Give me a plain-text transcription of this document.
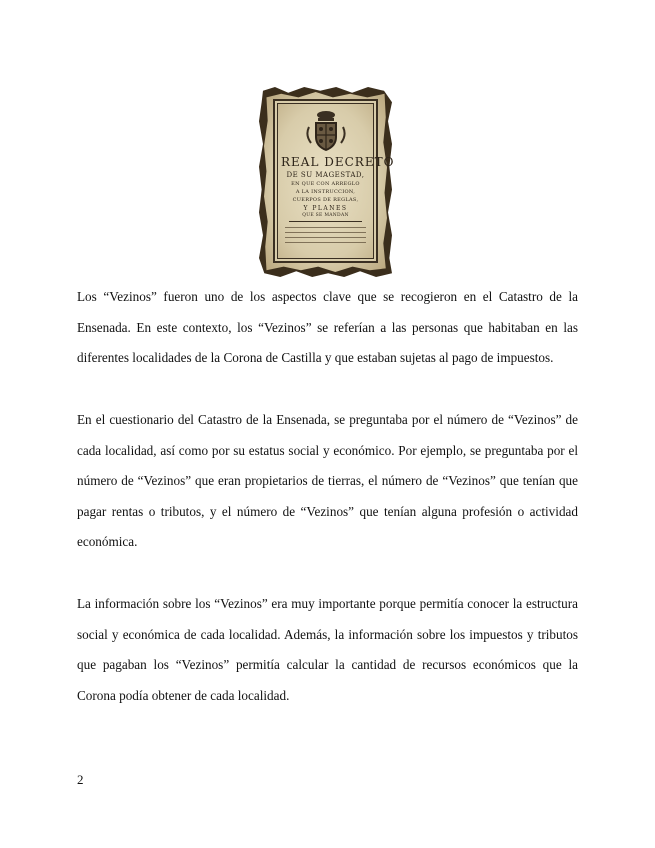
REAL DECRETO
DE SU MAGESTAD,
EN QUE CON ARREGLO
A LA INSTRUCCION,
CUERPOS DE REGLAS,
Y PLANES
QUE SE MANDAN

Los “Vezinos” fueron uno de los aspectos clave que se recogieron en el Catastro de la Ensenada. En este contexto, los “Vezinos” se referían a las personas que habitaban en las diferentes localidades de la Corona de Castilla y que estaban sujetas al pago de impuestos.

En el cuestionario del Catastro de la Ensenada, se preguntaba por el número de “Vezinos” de cada localidad, así como por su estatus social y económico. Por ejemplo, se preguntaba por el número de “Vezinos” que eran propietarios de tierras, el número de “Vezinos” que tenían que pagar rentas o tributos, y el número de “Vezinos” que tenían alguna profesión o actividad económica.

La información sobre los “Vezinos” era muy importante porque permitía conocer la estructura social y económica de cada localidad. Además, la información sobre los impuestos y tributos que pagaban los “Vezinos” permitía calcular la cantidad de recursos económicos que la Corona podía obtener de cada localidad.

2
